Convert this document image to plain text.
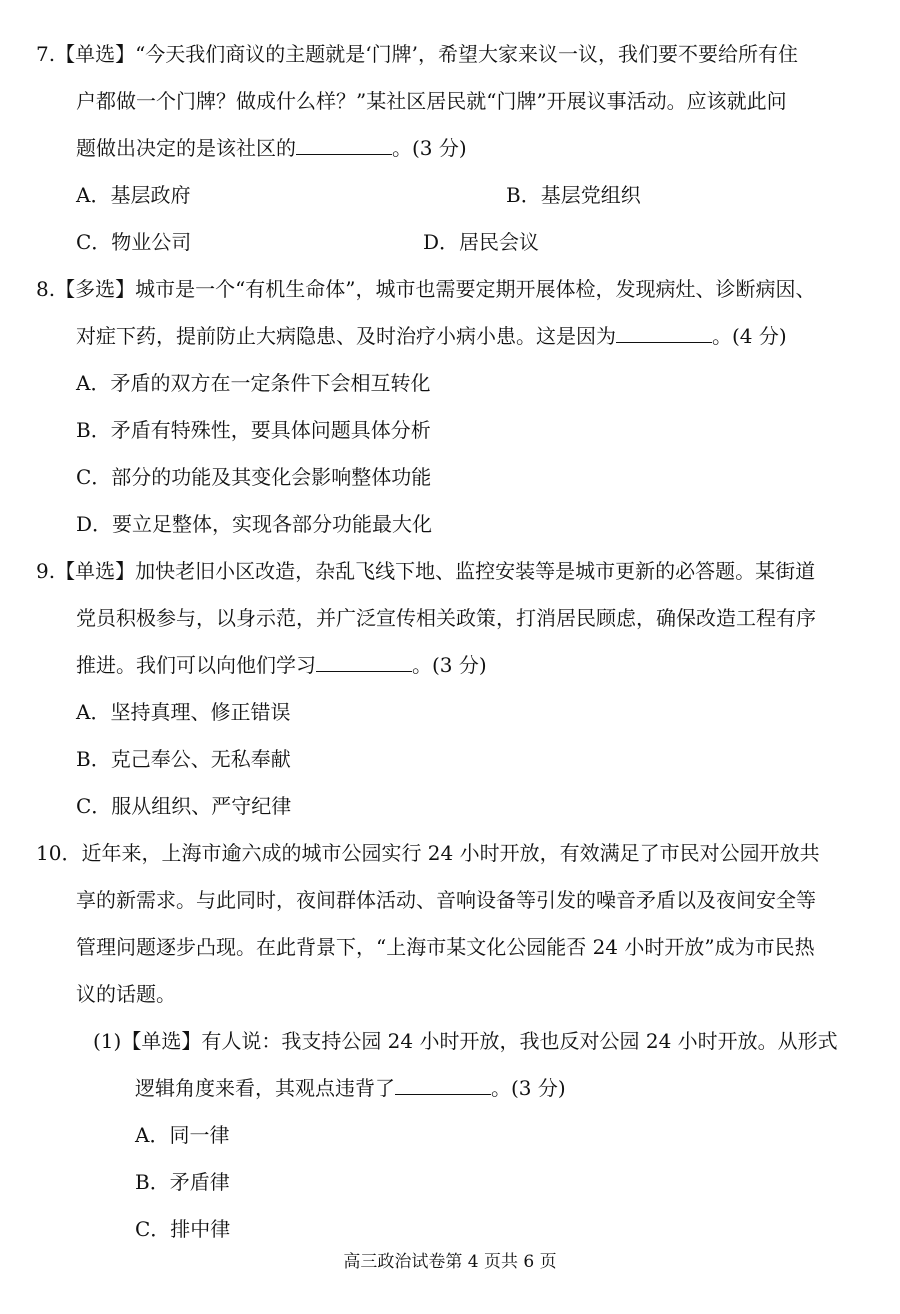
7.【单选】“今天我们商议的主题就是‘门牌’，希望大家来议一议，我们要不要给所有住
户都做一个门牌？做成什么样？”某社区居民就“门牌”开展议事活动。应该就此问
题做出决定的是该社区的	。(3 分)
A．基层政府	B．基层党组织
C．物业公司	D．居民会议
8.【多选】城市是一个“有机生命体”，城市也需要定期开展体检，发现病灶、诊断病因、
对症下药，提前防止大病隐患、及时治疗小病小患。这是因为	。(4 分)
A．矛盾的双方在一定条件下会相互转化
B．矛盾有特殊性，要具体问题具体分析
C．部分的功能及其变化会影响整体功能
D．要立足整体，实现各部分功能最大化
9.【单选】加快老旧小区改造，杂乱飞线下地、监控安装等是城市更新的必答题。某街道
党员积极参与，以身示范，并广泛宣传相关政策，打消居民顾虑，确保改造工程有序
推进。我们可以向他们学习	。(3 分)
A．坚持真理、修正错误
B．克己奉公、无私奉献
C．服从组织、严守纪律
10．近年来，上海市逾六成的城市公园实行 24 小时开放，有效满足了市民对公园开放共
享的新需求。与此同时，夜间群体活动、音响设备等引发的噪音矛盾以及夜间安全等
管理问题逐步凸现。在此背景下，“上海市某文化公园能否 24 小时开放”成为市民热
议的话题。
(1)【单选】有人说：我支持公园 24 小时开放，我也反对公园 24 小时开放。从形式
逻辑角度来看，其观点违背了	。(3 分)
A．同一律
B．矛盾律
C．排中律
高三政治试卷第 4 页共 6 页
